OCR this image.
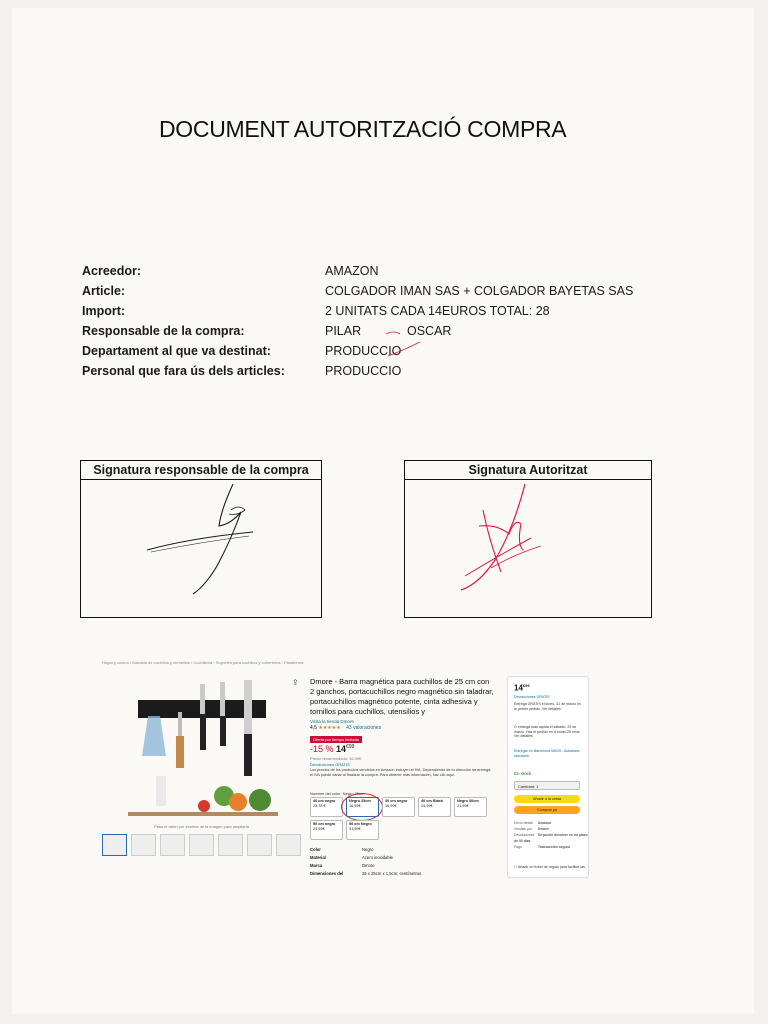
DOCUMENT AUTORITZACIÓ COMPRA
Acreedor:	AMAZON
Article:	COLGADOR IMAN SAS + COLGADOR BAYETAS SAS
Import:	2 UNITATS CADA 14EUROS TOTAL: 28
Responsable de la compra:	PILAR	OSCAR
Departament al que va destinat:	PRODUCCIO
Personal que fara ús dels articles:	PRODUCCIO
Signatura responsable de la compra	Signatura Autoritzat
Hogar y cocina › Subasta de cuchillos y utensilios › Cuchillería › Soportes para cuchillos y cuberteros › Plataforma
⇪
Pasa el ratón por encima de la imagen para ampliarla
Dmore - Barra magnética para cuchillos de 25 cm con 2 ganchos, portacuchillos negro magnético sin taladrar, portacuchillos magnético potente, cinta adhesiva y tornillos para cuchillos, utensilios y
Visita la tienda Dmore
4,5 ★★★★★ 43 valoraciones
Oferta por tiempo limitado
-15 % $14^{€99}$
Precio recomendado: 16,99€
Devoluciones GRATIS
Los precios de los productos vendidos en Amazon incluyen el IVA. Dependiendo de tu dirección de entrega, el IVA puede variar al finalizar la compra. Para obtener más información, haz clic aquí.
Nombre del color: Negro 25cm
40 cm negro
23,78 €
Negro 25cm
16,99€
30 cm negro
16,99€
40 cm Black
24,99€
Negro 30cm
21,99€
50 cm negro
24,99€
50 cm Negro
31,99€
Color	Negro
Material	Acero inoxidable
Marca	Dmore
Dimensiones del	25 x 25cm x 1,5cm; centímetros
$14^{€99}$
Devoluciones GRATIS
Entrega GRATIS el lunes, 31 de marzo en tu primer pedido. Ver detalles
O entrega más rápida el sábado, 29 de marzo. Haz el pedido en 8 horas 25 mins. Ver detalles
Entregar en Barcelona 08029 - Actualizar ubicación
En stock
Cantidad: 1
Añadir a la cesta
Comprar ya
Envío desde Amazon
Vendido por Dmore
Devoluciones Se puede devolver en un plazo de 30 días
Pago	Transacción segura
☐ Añadir un ticket de regalo para facilitar las
